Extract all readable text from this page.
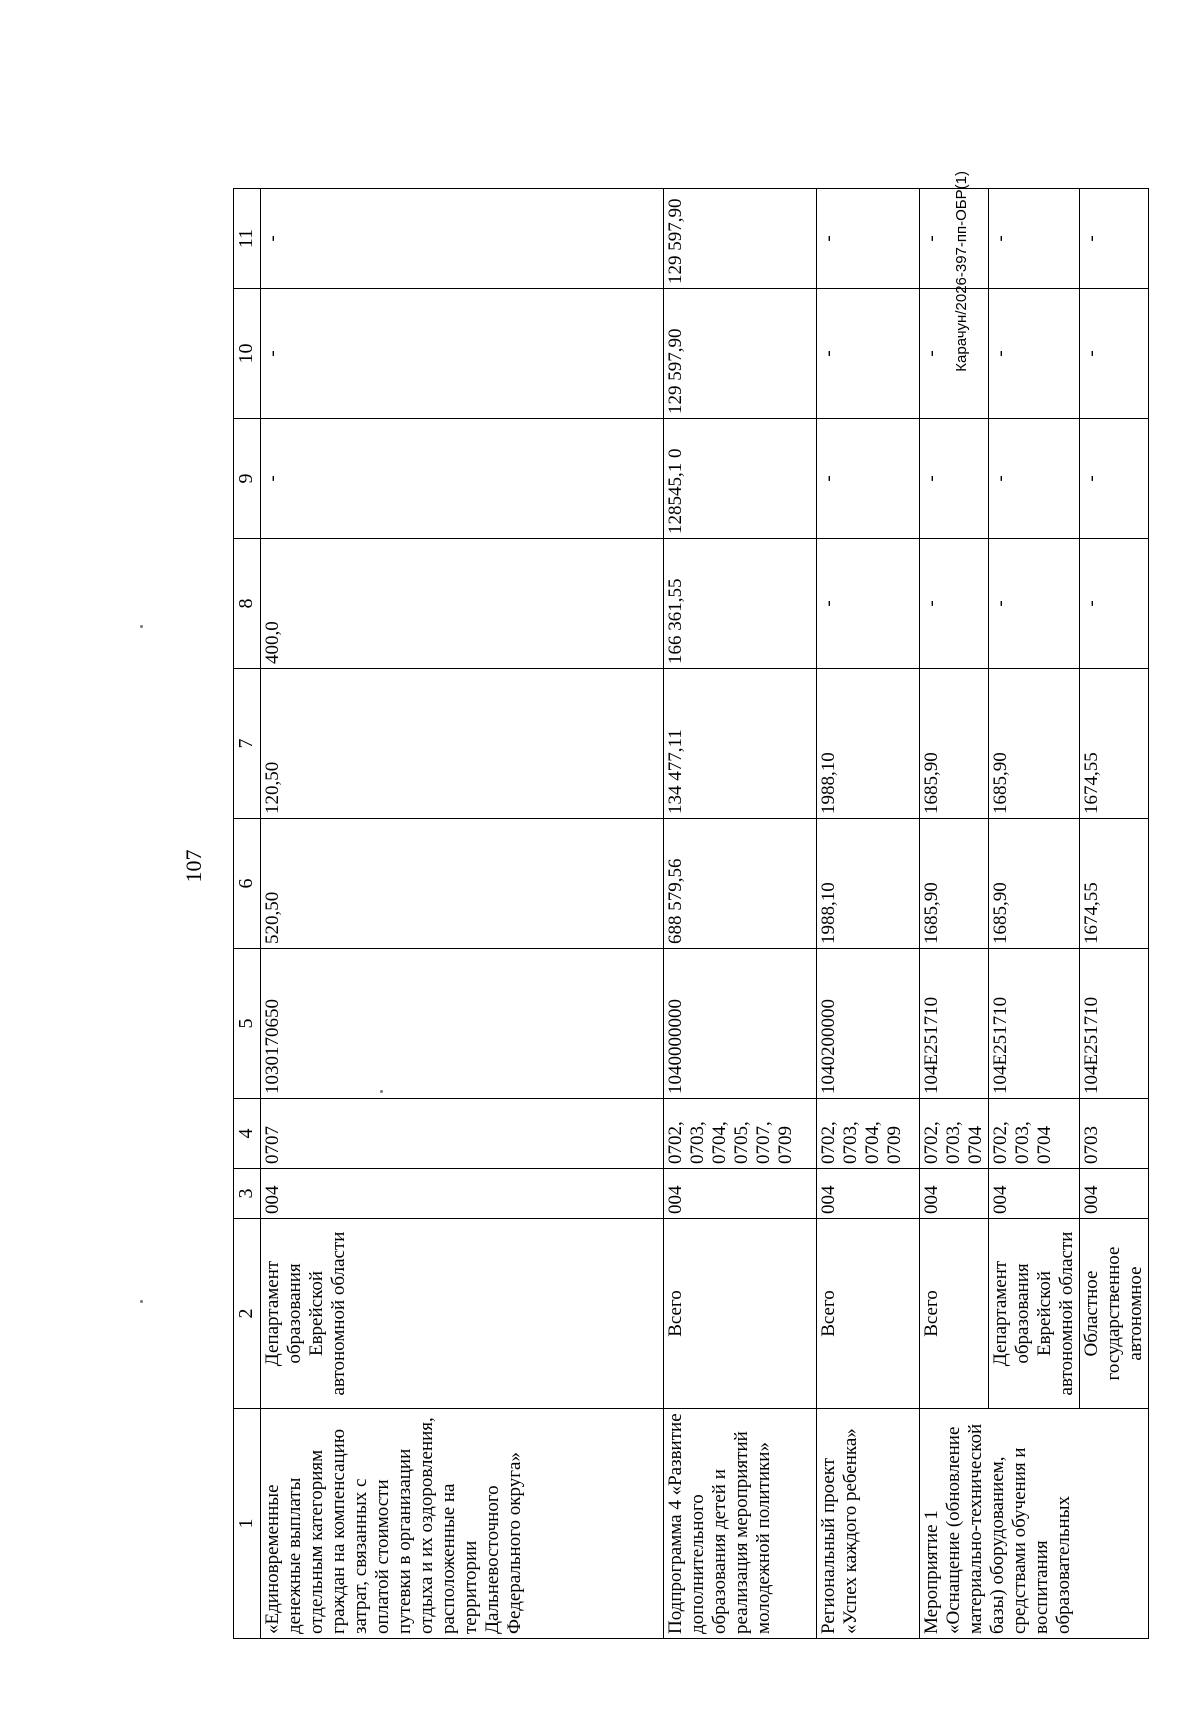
107
1	2	3	4	5	6	7	8	9	10	11
«Единовременные денежные выплаты отдельным категориям граждан на компенсацию затрат, связанных с оплатой стоимости путевки в организации отдыха и их оздоровления, расположенные на территории Дальневосточного Федерального округа»	Департамент образования Еврейской автономной области	004	0707	1030170650	520,50	120,50	400,0	-	-	-
Подпрограмма 4 «Развитие дополнительного образования детей и реализация мероприятий молодежной политики»	Всего	004	0702, 0703, 0704, 0705, 0707, 0709	1040000000	688 579,56	134 477,11	166 361,55	128545,1 0	129 597,90	129 597,90
Региональный проект «Успех каждого ребенка»	Всего	004	0702, 0703, 0704, 0709	1040200000	1988,10	1988,10	-	-	-	-
Мероприятие 1 «Оснащение (обновление материально-технической базы) оборудованием, средствами обучения и воспитания образовательных	Всего	004	0702, 0703, 0704	104Е251710	1685,90	1685,90	-	-	-	-
	Департамент образования Еврейской автономной области	004	0702, 0703, 0704	104Е251710	1685,90	1685,90	-	-	-	-
	Областное государственное автономное	004	0703	104Е251710	1674,55	1674,55	-	-	-	-
Карачун/2026-397-пп-ОБР(1)
